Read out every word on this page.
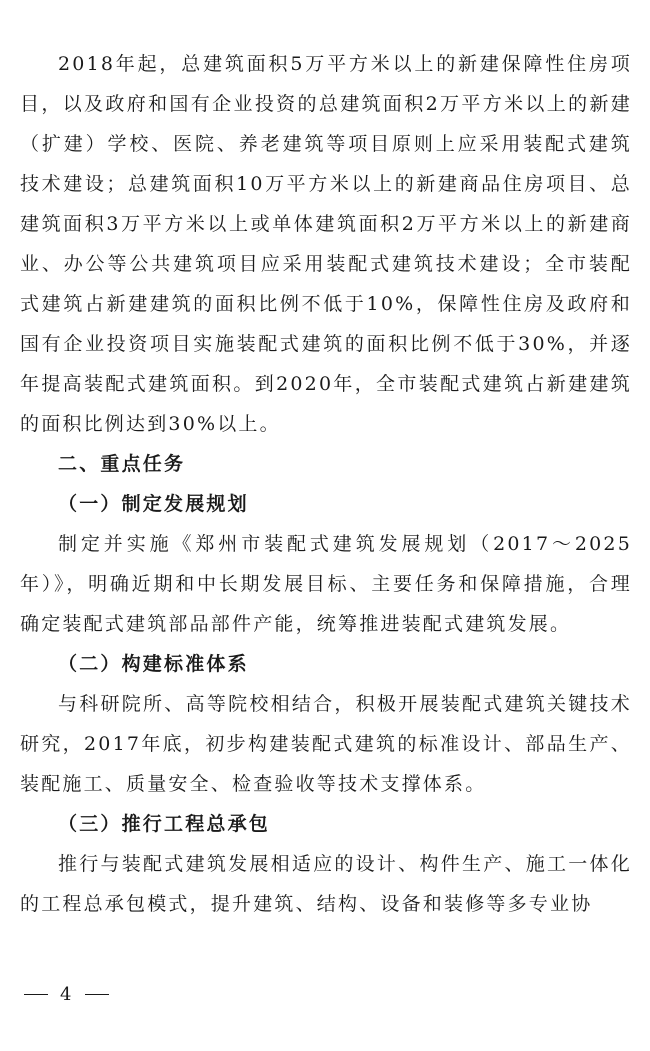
2018年起，总建筑面积5万平方米以上的新建保障性住房项目，以及政府和国有企业投资的总建筑面积2万平方米以上的新建（扩建）学校、医院、养老建筑等项目原则上应采用装配式建筑技术建设；总建筑面积10万平方米以上的新建商品住房项目、总建筑面积3万平方米以上或单体建筑面积2万平方米以上的新建商业、办公等公共建筑项目应采用装配式建筑技术建设；全市装配式建筑占新建建筑的面积比例不低于10%，保障性住房及政府和国有企业投资项目实施装配式建筑的面积比例不低于30%，并逐年提高装配式建筑面积。到2020年，全市装配式建筑占新建建筑的面积比例达到30%以上。

二、重点任务

（一）制定发展规划

制定并实施《郑州市装配式建筑发展规划（2017～2025年）》，明确近期和中长期发展目标、主要任务和保障措施，合理确定装配式建筑部品部件产能，统筹推进装配式建筑发展。

（二）构建标准体系

与科研院所、高等院校相结合，积极开展装配式建筑关键技术研究，2017年底，初步构建装配式建筑的标准设计、部品生产、装配施工、质量安全、检查验收等技术支撑体系。

（三）推行工程总承包

推行与装配式建筑发展相适应的设计、构件生产、施工一体化的工程总承包模式，提升建筑、结构、设备和装修等多专业协

4
